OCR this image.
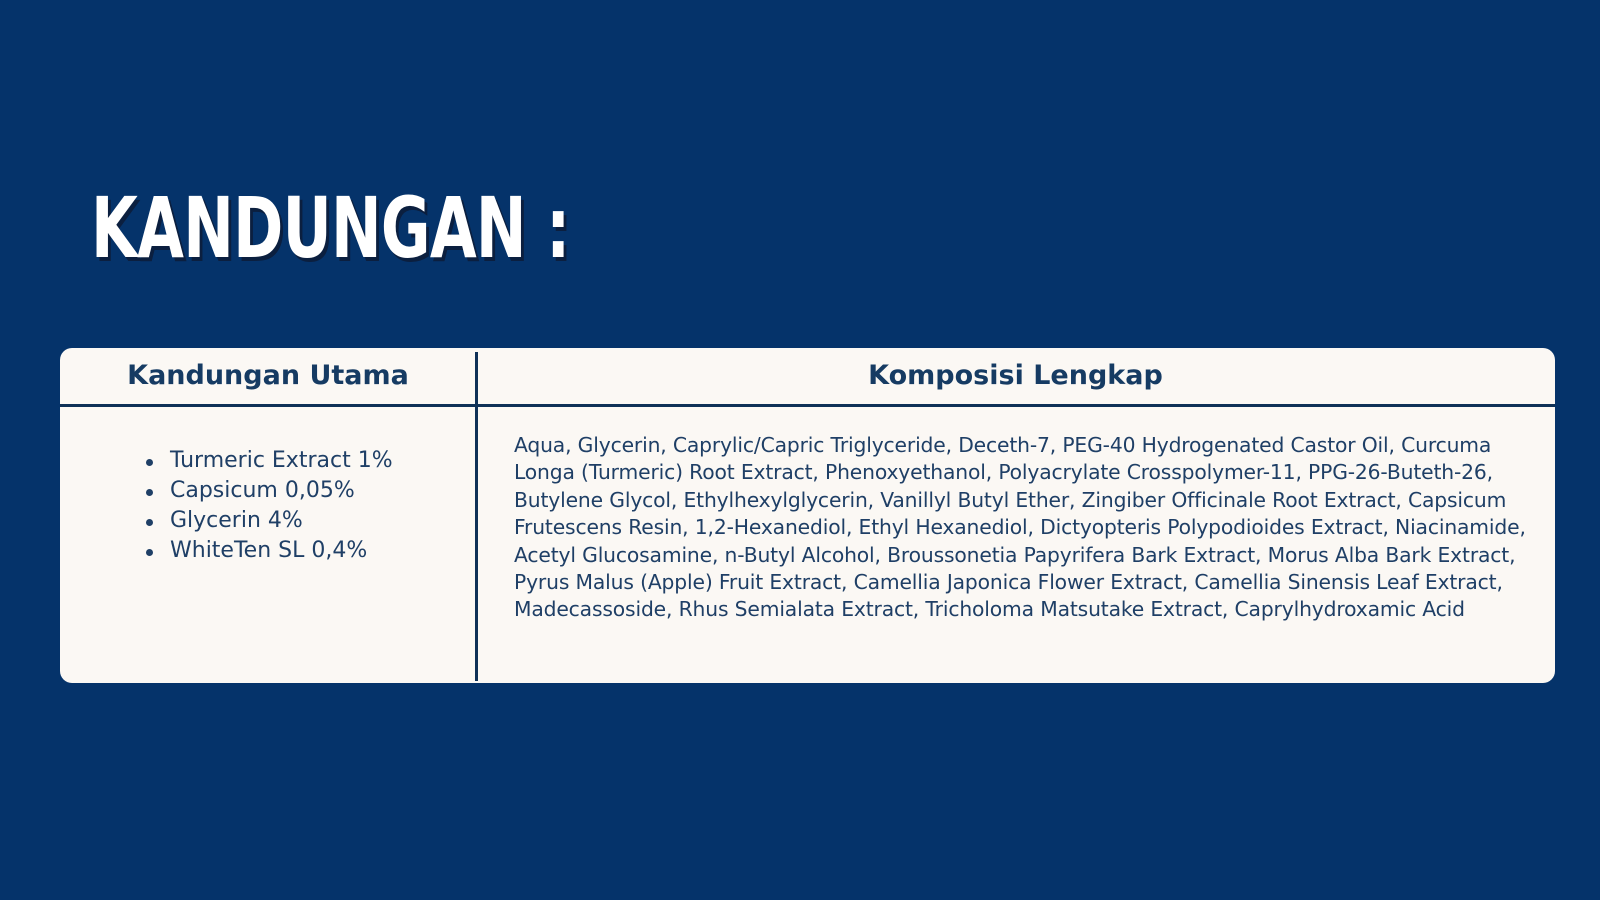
KANDUNGAN :
Kandungan Utama	Komposisi Lengkap
Turmeric Extract 1%
Capsicum 0,05%
Glycerin 4%
WhiteTen SL 0,4%

Aqua, Glycerin, Caprylic/Capric Triglyceride, Deceth-7, PEG-40 Hydrogenated Castor Oil, Curcuma Longa (Turmeric) Root Extract, Phenoxyethanol, Polyacrylate Crosspolymer-11, PPG-26-Buteth-26, Butylene Glycol, Ethylhexylglycerin, Vanillyl Butyl Ether, Zingiber Officinale Root Extract, Capsicum Frutescens Resin, 1,2-Hexanediol, Ethyl Hexanediol, Dictyopteris Polypodioides Extract, Niacinamide, Acetyl Glucosamine, n-Butyl Alcohol, Broussonetia Papyrifera Bark Extract, Morus Alba Bark Extract, Pyrus Malus (Apple) Fruit Extract, Camellia Japonica Flower Extract, Camellia Sinensis Leaf Extract, Madecassoside, Rhus Semialata Extract, Tricholoma Matsutake Extract, Caprylhydroxamic Acid
